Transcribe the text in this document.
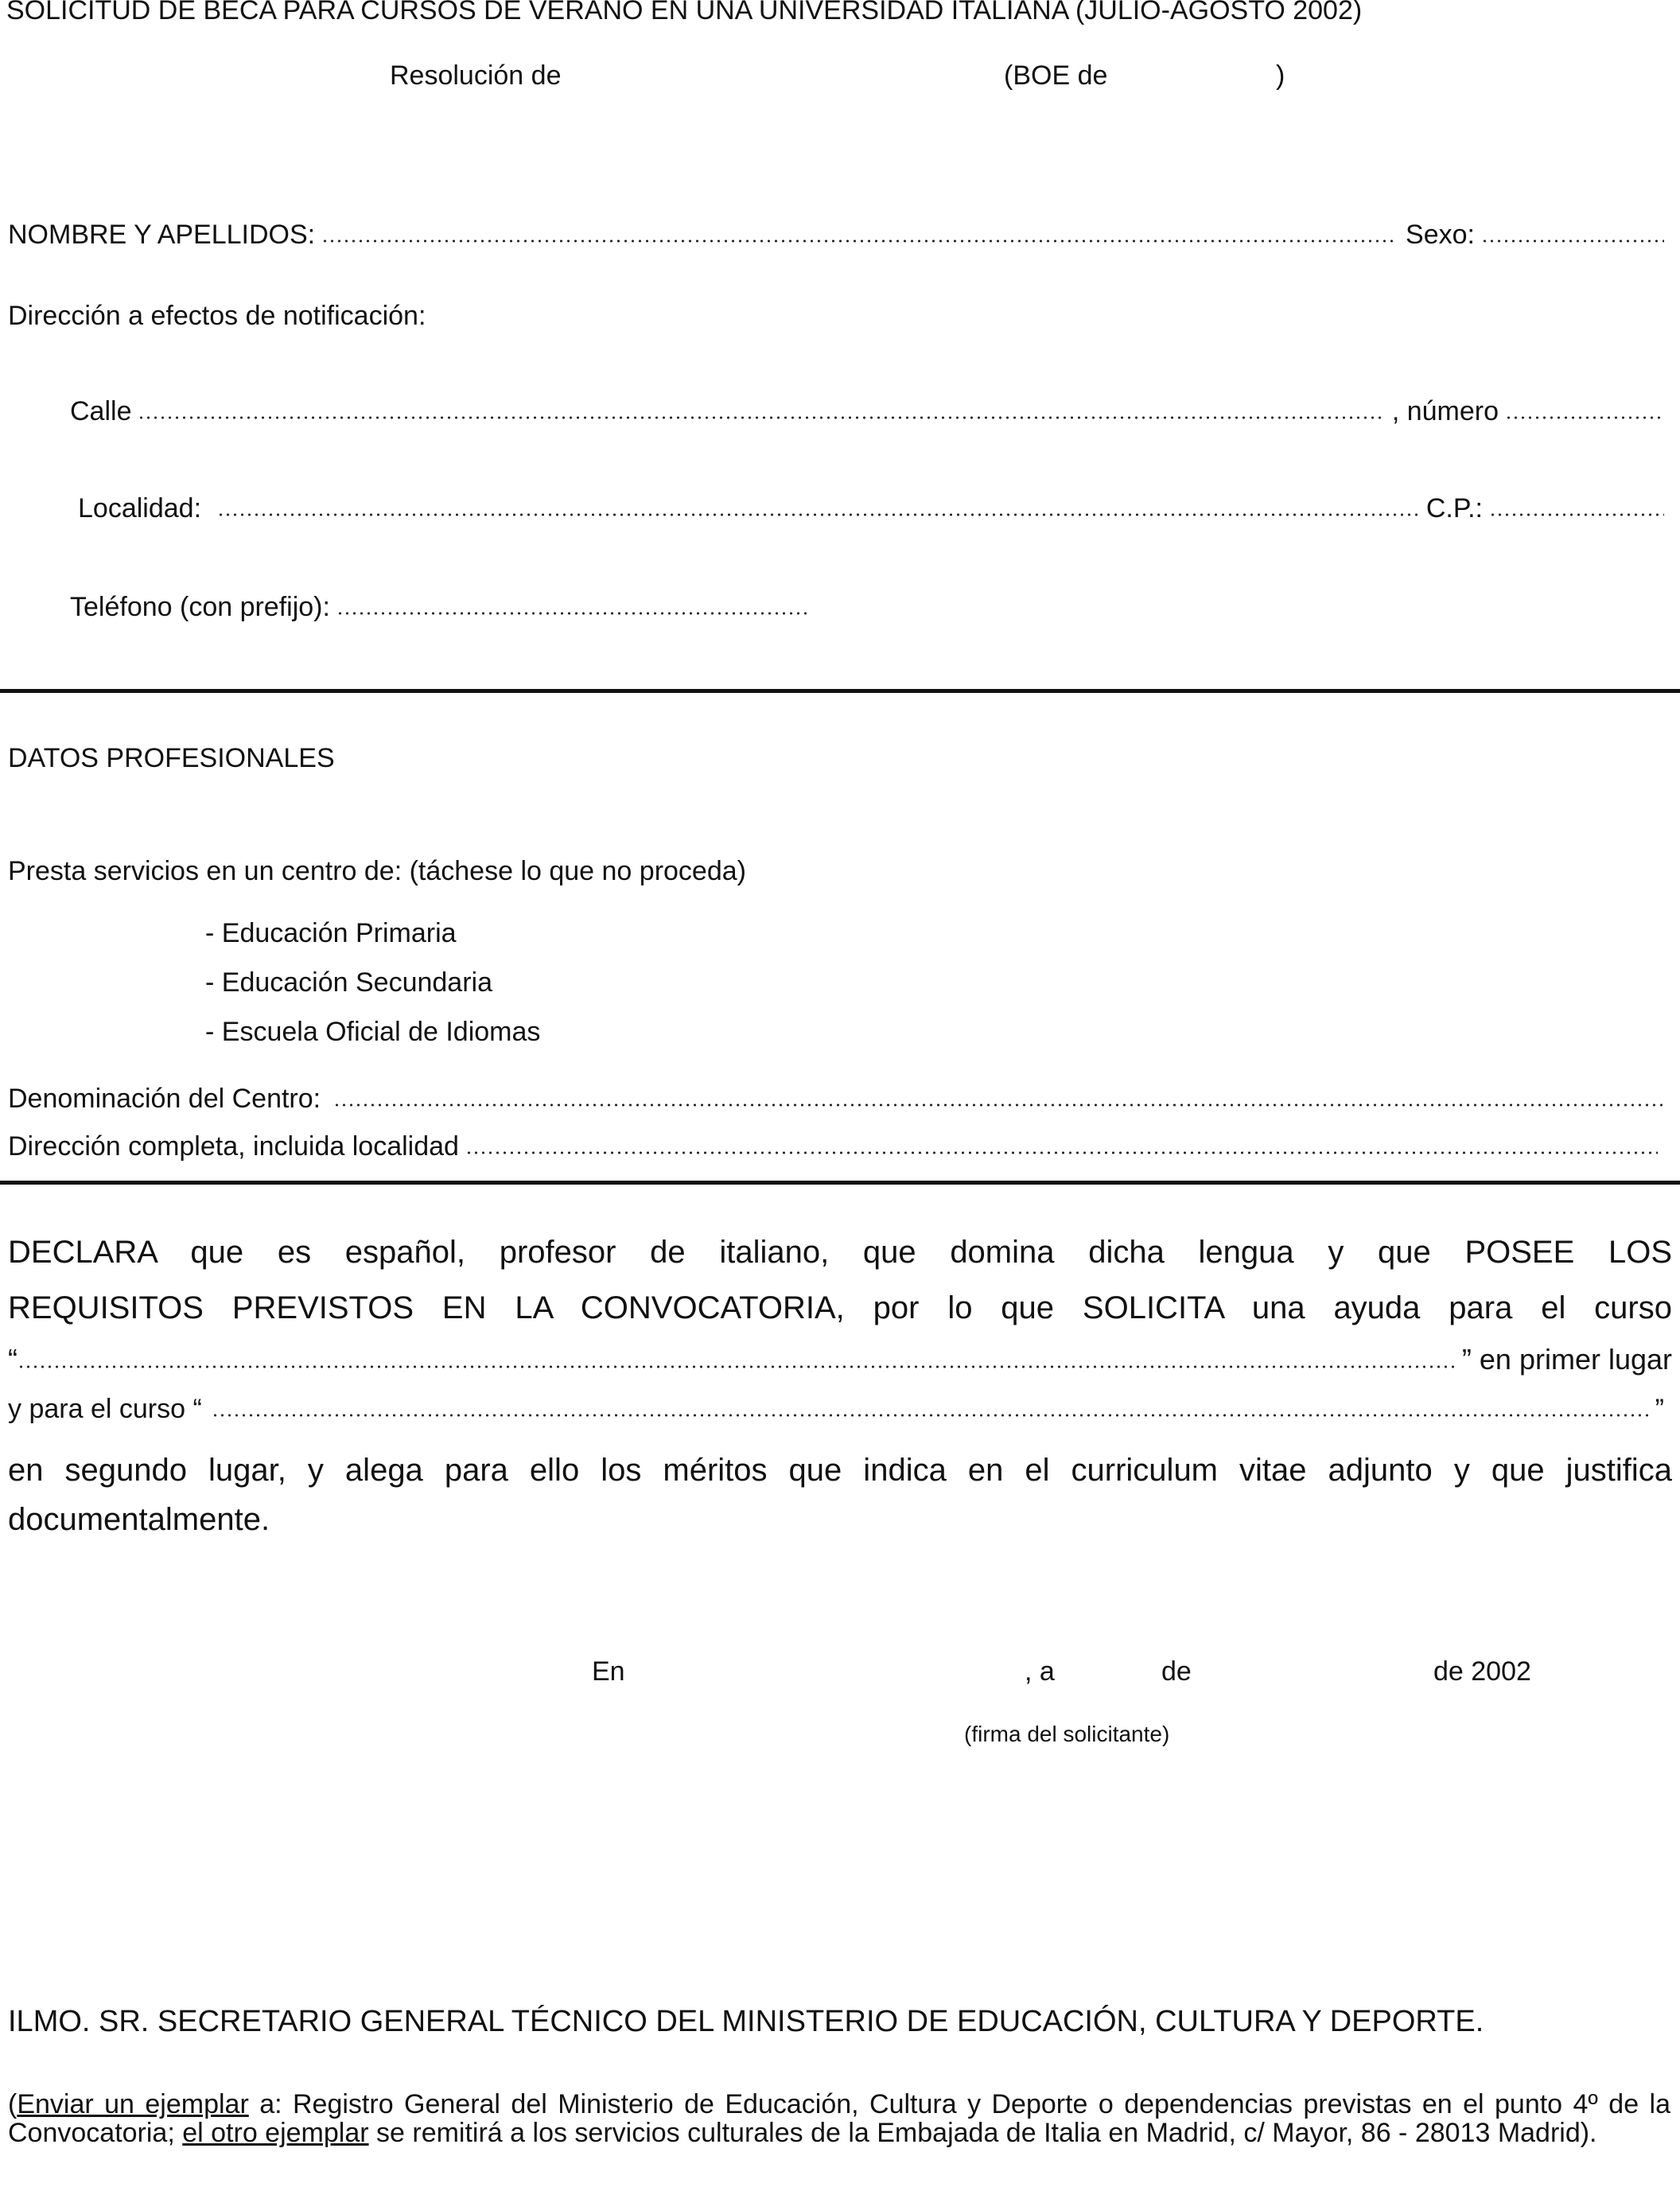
SOLICITUD DE BECA PARA CURSOS DE VERANO EN UNA UNIVERSIDAD ITALIANA (JULIO-AGOSTO 2002)
Resolución de	(BOE de	)
NOMBRE Y APELLIDOS:	Sexo:
Dirección a efectos de notificación:
Calle	, número
Localidad:	C.P.:
Teléfono (con prefijo):
DATOS PROFESIONALES
Presta servicios en un centro de: (táchese lo que no proceda)
- Educación Primaria
- Educación Secundaria
- Escuela Oficial de Idiomas
Denominación del Centro:
Dirección completa, incluida localidad
DECLARA que es español, profesor de italiano, que domina dicha lengua y que POSEE LOS
REQUISITOS PREVISTOS EN LA CONVOCATORIA, por lo que SOLICITA una ayuda para el curso
“	” en primer lugar
y para el curso “	”
en segundo lugar, y alega para ello los méritos que indica en el curriculum vitae adjunto y que justifica
documentalmente.
En	, a	de	de 2002
(firma del solicitante)
ILMO. SR. SECRETARIO GENERAL TÉCNICO DEL MINISTERIO DE EDUCACIÓN, CULTURA Y DEPORTE.
(Enviar un ejemplar a: Registro General del Ministerio de Educación, Cultura y Deporte o dependencias previstas en el punto 4º de la Convocatoria; el otro ejemplar se remitirá a los servicios culturales de la Embajada de Italia en Madrid, c/ Mayor, 86 - 28013 Madrid).
